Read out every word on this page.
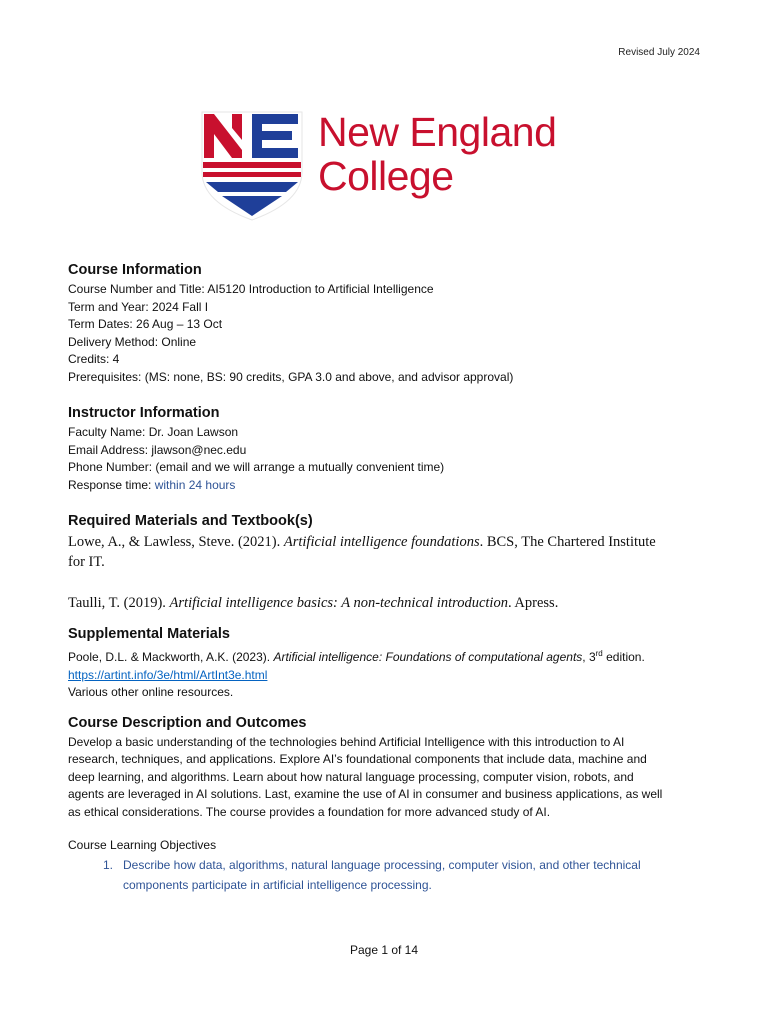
Revised July 2024
New England
College

Course Information

Course Number and Title: AI5120 Introduction to Artificial Intelligence

Term and Year: 2024 Fall I

Term Dates: 26 Aug – 13 Oct

Delivery Method: Online

Credits: 4

Prerequisites: (MS: none, BS: 90 credits, GPA 3.0 and above, and advisor approval)

Instructor Information

Faculty Name: Dr. Joan Lawson

Email Address: jlawson@nec.edu

Phone Number: (email and we will arrange a mutually convenient time)

Response time: within 24 hours

Required Materials and Textbook(s)

Lowe, A., & Lawless, Steve. (2021). Artificial intelligence foundations. BCS, The Chartered Institute
for IT.

Taulli, T. (2019). Artificial intelligence basics: A non-technical introduction. Apress.

Supplemental Materials

Poole, D.L. & Mackworth, A.K. (2023). Artificial intelligence: Foundations of computational agents, 3rd edition.

https://artint.info/3e/html/ArtInt3e.html

Various other online resources.

Course Description and Outcomes

Develop a basic understanding of the technologies behind Artificial Intelligence with this introduction to AI

research, techniques, and applications. Explore AI’s foundational components that include data, machine and

deep learning, and algorithms. Learn about how natural language processing, computer vision, robots, and

agents are leveraged in AI solutions. Last, examine the use of AI in consumer and business applications, as well

as ethical considerations. The course provides a foundation for more advanced study of AI.

Course Learning Objectives

1. Describe how data, algorithms, natural language processing, computer vision, and other technical
components participate in artificial intelligence processing.
Page 1 of 14
